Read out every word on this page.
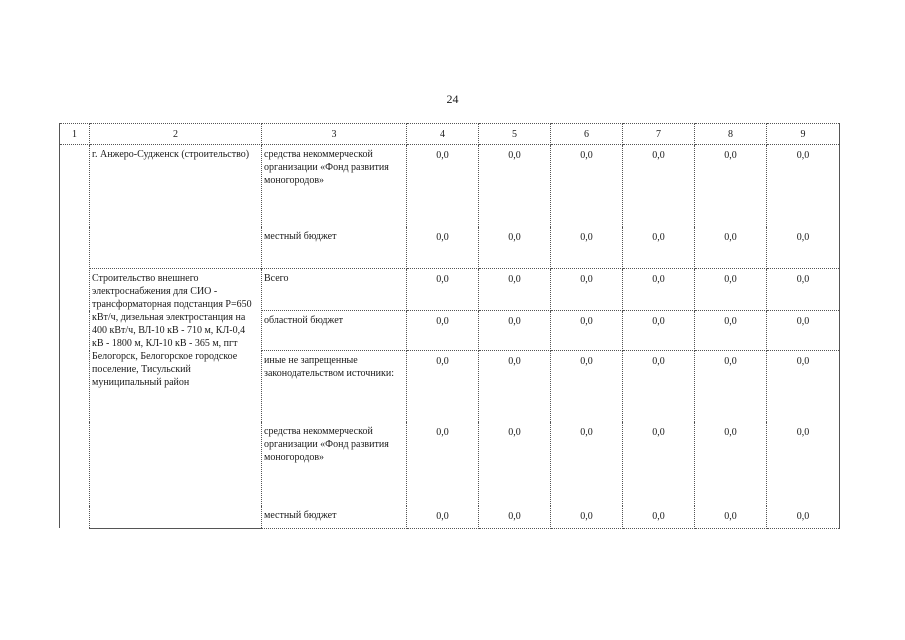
24
1	2	3	4	5	6	7	8	9
	г. Анжеро-Судженск (строительство)	средства некоммерческой организации «Фонд развития моногородов»	0,0	0,0	0,0	0,0	0,0	0,0
		местный бюджет	0,0	0,0	0,0	0,0	0,0	0,0
	Строительство внешнего электроснабжения для СИО - трансформаторная подстанция Р=650 кВт/ч, дизельная электростанция на 400 кВт/ч, ВЛ-10 кВ - 710 м, КЛ-0,4 кВ - 1800 м, КЛ-10 кВ - 365 м, пгт Белогорск, Белогорское городское поселение, Тисульский муниципальный район	Всего	0,0	0,0	0,0	0,0	0,0	0,0
		областной бюджет	0,0	0,0	0,0	0,0	0,0	0,0
		иные не запрещенные законодательством источники:	0,0	0,0	0,0	0,0	0,0	0,0
		средства некоммерческой организации «Фонд развития моногородов»	0,0	0,0	0,0	0,0	0,0	0,0
		местный бюджет	0,0	0,0	0,0	0,0	0,0	0,0
